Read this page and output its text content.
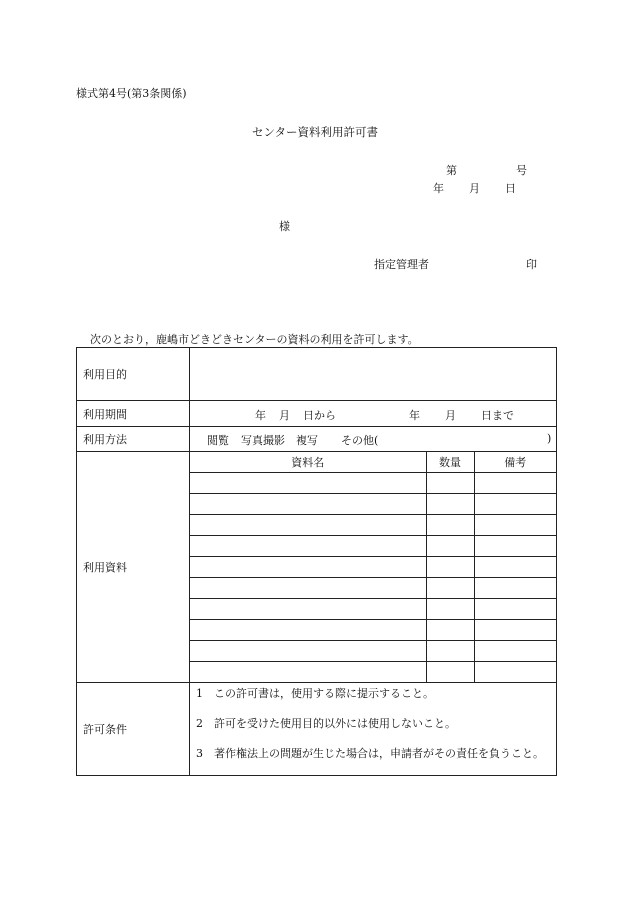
様式第4号(第3条関係)
センター資料利用許可書
第	号
年 月 日
様
指定管理者	印
次のとおり，鹿嶋市どきどきセンターの資料の利用を許可します。
利用目的	
利用期間	年 月 日から	年 月 日まで

利用方法	閲覧 写真撮影 複写 その他(	)

利用資料	
資料名	数量	備考

許可条件	
1 この許可書は，使用する際に提示すること。
2 許可を受けた使用目的以外には使用しないこと。
3 著作権法上の問題が生じた場合は，申請者がその責任を負うこと。
